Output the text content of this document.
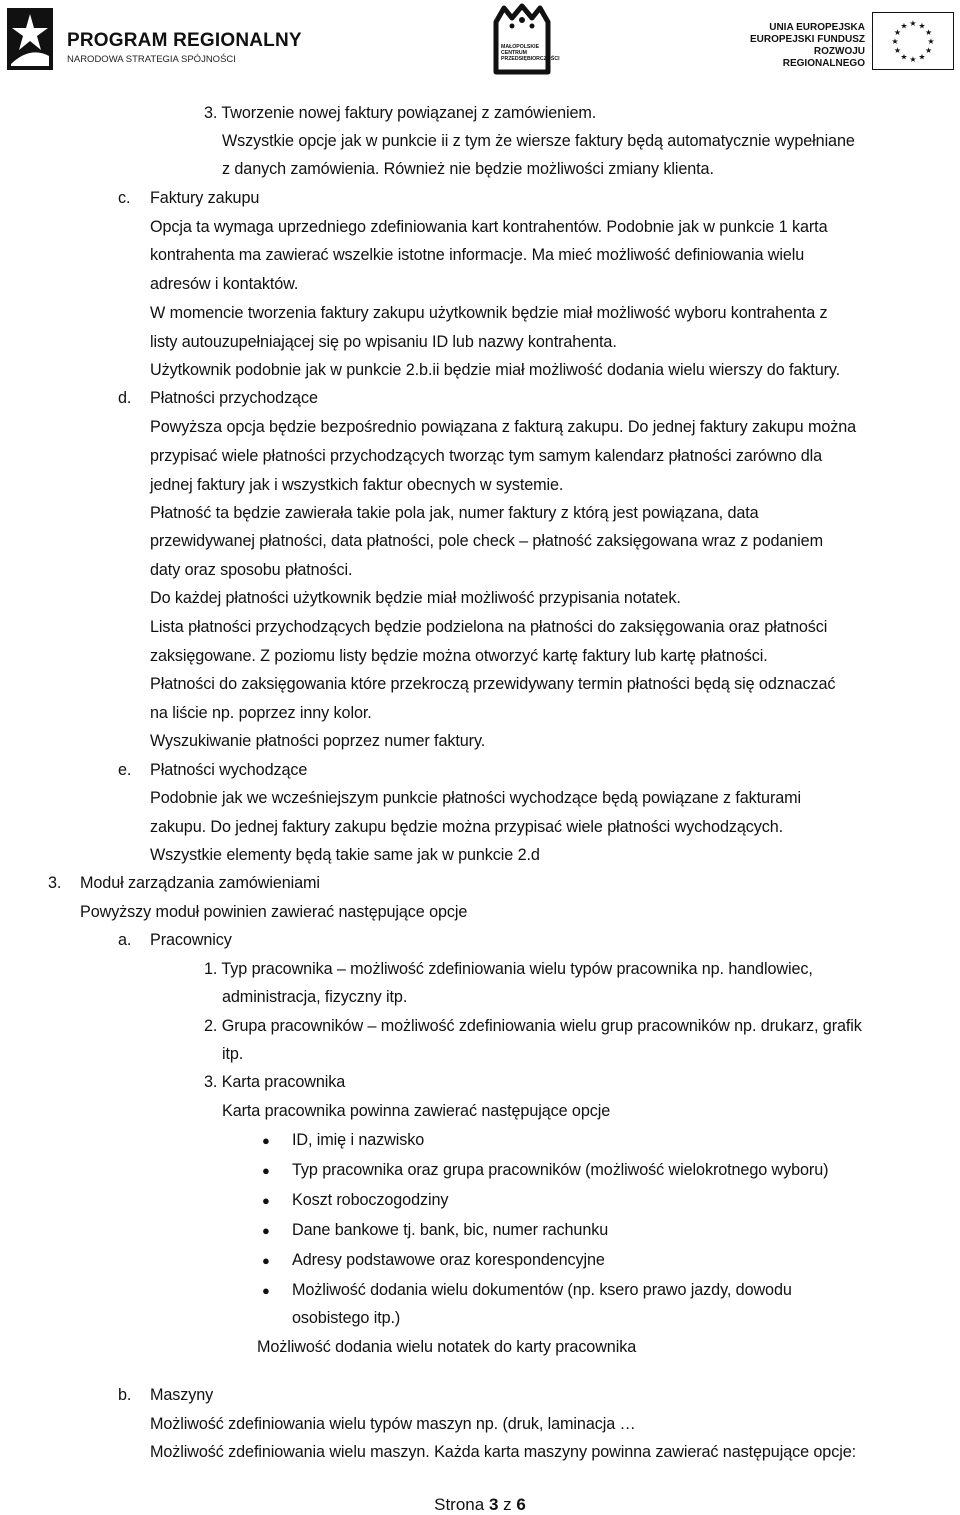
PROGRAM REGIONALNY
NARODOWA STRATEGIA SPÓJNOŚCI
MAŁOPOLSKIE
CENTRUM
PRZEDSIĘBIORCZOŚCI
UNIA EUROPEJSKA
EUROPEJSKI FUNDUSZ
ROZWOJU REGIONALNEGO
★
★
★
★
★
★
★
★
★ ★ ★
★
3. Tworzenie nowej faktury powiązanej z zamówieniem.
Wszystkie opcje jak w punkcie ii z tym że wiersze faktury będą automatycznie wypełniane
z danych zamówienia. Również nie będzie możliwości zmiany klienta.
c. Faktury zakupu
Opcja ta wymaga uprzedniego zdefiniowania kart kontrahentów. Podobnie jak w punkcie 1 karta
kontrahenta ma zawierać wszelkie istotne informacje. Ma mieć możliwość definiowania wielu
adresów i kontaktów.
W momencie tworzenia faktury zakupu użytkownik będzie miał możliwość wyboru kontrahenta z
listy autouzupełniającej się po wpisaniu ID lub nazwy kontrahenta.
Użytkownik podobnie jak w punkcie 2.b.ii będzie miał możliwość dodania wielu wierszy do faktury.
d. Płatności przychodzące
Powyższa opcja będzie bezpośrednio powiązana z fakturą zakupu. Do jednej faktury zakupu można
przypisać wiele płatności przychodzących tworząc tym samym kalendarz płatności zarówno dla
jednej faktury jak i wszystkich faktur obecnych w systemie.
Płatność ta będzie zawierała takie pola jak, numer faktury z którą jest powiązana, data
przewidywanej płatności, data płatności, pole check – płatność zaksięgowana wraz z podaniem
daty oraz sposobu płatności.
Do każdej płatności użytkownik będzie miał możliwość przypisania notatek.
Lista płatności przychodzących będzie podzielona na płatności do zaksięgowania oraz płatności
zaksięgowane. Z poziomu listy będzie można otworzyć kartę faktury lub kartę płatności.
Płatności do zaksięgowania które przekroczą przewidywany termin płatności będą się odznaczać
na liście np. poprzez inny kolor.
Wyszukiwanie płatności poprzez numer faktury.
e. Płatności wychodzące
Podobnie jak we wcześniejszym punkcie płatności wychodzące będą powiązane z fakturami
zakupu. Do jednej faktury zakupu będzie można przypisać wiele płatności wychodzących.
Wszystkie elementy będą takie same jak w punkcie 2.d
3. Moduł zarządzania zamówieniami
Powyższy moduł powinien zawierać następujące opcje
a. Pracownicy
1. Typ pracownika – możliwość zdefiniowania wielu typów pracownika np. handlowiec,
administracja, fizyczny itp.
2. Grupa pracowników – możliwość zdefiniowania wielu grup pracowników np. drukarz, grafik
itp.
3. Karta pracownika
Karta pracownika powinna zawierać następujące opcje
● ID, imię i nazwisko
● Typ pracownika oraz grupa pracowników (możliwość wielokrotnego wyboru)
● Koszt roboczogodziny
● Dane bankowe tj. bank, bic, numer rachunku
● Adresy podstawowe oraz korespondencyjne
● Możliwość dodania wielu dokumentów (np. ksero prawo jazdy, dowodu
osobistego itp.)
Możliwość dodania wielu notatek do karty pracownika
b. Maszyny
Możliwość zdefiniowania wielu typów maszyn np. (druk, laminacja …
Możliwość zdefiniowania wielu maszyn. Każda karta maszyny powinna zawierać następujące opcje:
Strona 3 z 6
